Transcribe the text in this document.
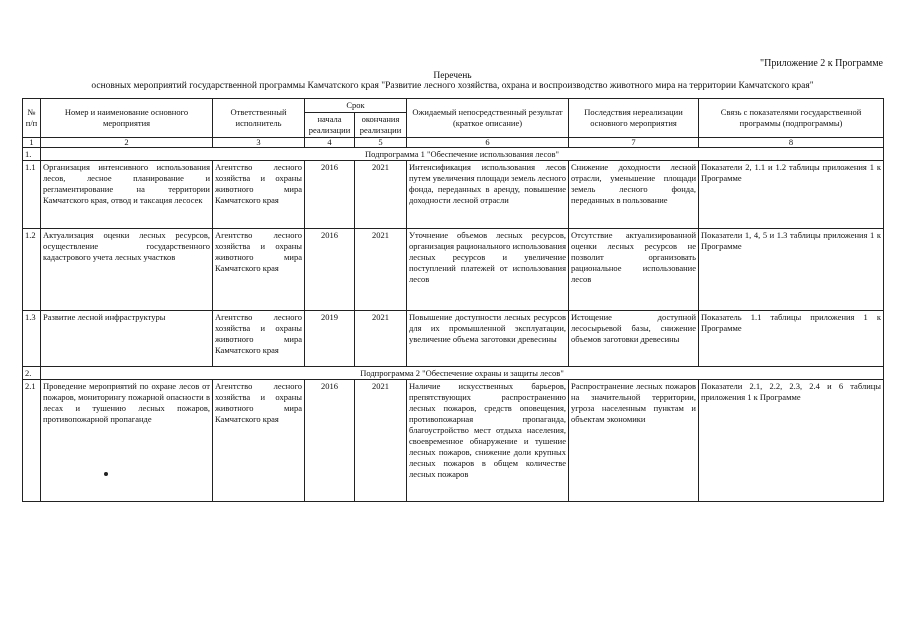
"Приложение 2 к Программе
Перечень
основных мероприятий государственной программы Камчатского края "Развитие лесного хозяйства, охрана и воспроизводство животного мира на территории Камчатского края"
№ п/п	Номер и наименование основного мероприятия	Ответственный исполнитель	Срок		Ожидаемый непосредственный результат (краткое описание)	Последствия нереализации основного мероприятия	Связь с показателями государственной программы (подпрограммы)
			начала реализации	окончания реализации			
1	2	3	4	5	6	7	8
1.	Подпрограмма 1 "Обеспечение использования лесов"						
1.1	Организация интенсивного использования лесов, лесное планирование и регламентирование на территории Камчатского края, отвод и таксация лесосек	Агентство лесного хозяйства и охраны животного мира Камчатского края	2016	2021	Интенсификация использования лесов путем увеличения площади земель лесного фонда, переданных в аренду, повышение доходности лесной отрасли	Снижение доходности лесной отрасли, уменьшение площади земель лесного фонда, переданных в пользование	Показатели 2, 1.1 и 1.2 таблицы приложения 1 к Программе
1.2	Актуализация оценки лесных ресурсов, осуществление государственного кадастрового учета лесных участков	Агентство лесного хозяйства и охраны животного мира Камчатского края	2016	2021	Уточнение объемов лесных ресурсов, организация рационального использования лесных ресурсов и увеличение поступлений платежей от использования лесов	Отсутствие актуализированной оценки лесных ресурсов не позволит организовать рациональное использование лесов	Показатели 1, 4, 5 и 1.3 таблицы приложения 1 к Программе
1.3	Развитие лесной инфраструктуры	Агентство лесного хозяйства и охраны животного мира Камчатского края	2019	2021	Повышение доступности лесных ресурсов для их промышленной эксплуатации, увеличение объема заготовки древесины	Истощение доступной лесосырьевой базы, снижение объемов заготовки древесины	Показатель 1.1 таблицы приложения 1 к Программе
2.	Подпрограмма 2 "Обеспечение охраны и защиты лесов"						
2.1	Проведение мероприятий по охране лесов от пожаров, мониторингу пожарной опасности в лесах и тушению лесных пожаров, противопожарной пропаганде	Агентство лесного хозяйства и охраны животного мира Камчатского края	2016	2021	Наличие искусственных барьеров, препятствующих распространению лесных пожаров, средств оповещения, противопожарная пропаганда, благоустройство мест отдыха населения, своевременное обнаружение и тушение лесных пожаров, снижение доли крупных лесных пожаров в общем количестве лесных пожаров	Распространение лесных пожаров на значительной территории, угроза населенным пунктам и объектам экономики	Показатели 2.1, 2.2, 2.3, 2.4 и 6 таблицы приложения 1 к Программе
